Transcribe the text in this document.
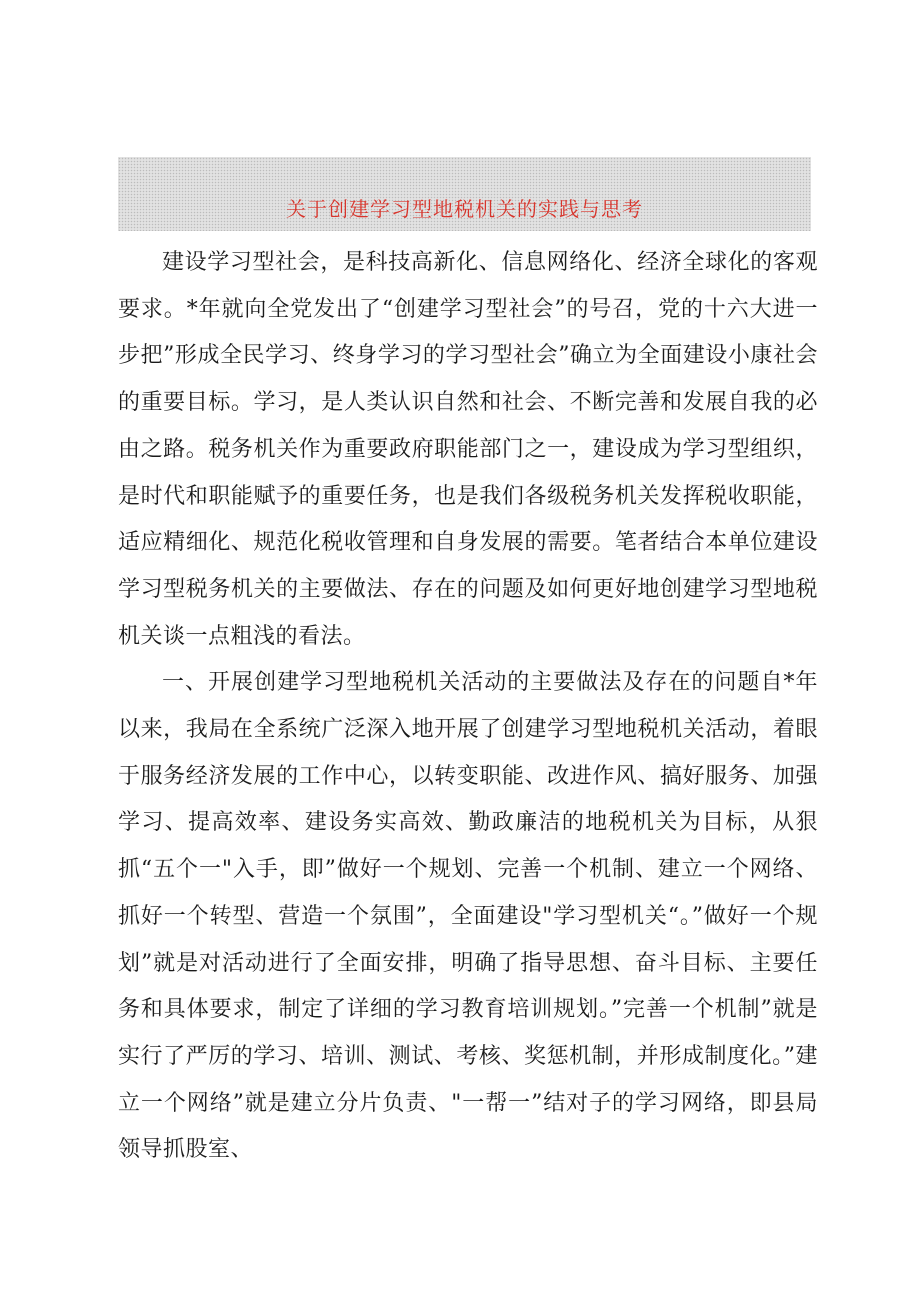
关于创建学习型地税机关的实践与思考

建设学习型社会，是科技高新化、信息网络化、经济全球化的客观要求。*年就向全党发出了“创建学习型社会”的号召，党的十六大进一步把”形成全民学习、终身学习的学习型社会”确立为全面建设小康社会的重要目标。学习，是人类认识自然和社会、不断完善和发展自我的必由之路。税务机关作为重要政府职能部门之一，建设成为学习型组织，是时代和职能赋予的重要任务，也是我们各级税务机关发挥税收职能，适应精细化、规范化税收管理和自身发展的需要。笔者结合本单位建设学习型税务机关的主要做法、存在的问题及如何更好地创建学习型地税机关谈一点粗浅的看法。

一、开展创建学习型地税机关活动的主要做法及存在的问题自*年以来，我局在全系统广泛深入地开展了创建学习型地税机关活动，着眼于服务经济发展的工作中心，以转变职能、改进作风、搞好服务、加强学习、提高效率、建设务实高效、勤政廉洁的地税机关为目标，从狠抓“五个一"入手，即”做好一个规划、完善一个机制、建立一个网络、抓好一个转型、营造一个氛围”，全面建设"学习型机关“。”做好一个规划”就是对活动进行了全面安排，明确了指导思想、奋斗目标、主要任务和具体要求，制定了详细的学习教育培训规划。”完善一个机制”就是实行了严厉的学习、培训、测试、考核、奖惩机制，并形成制度化。”建立一个网络”就是建立分片负责、"一帮一”结对子的学习网络，即县局领导抓股室、
